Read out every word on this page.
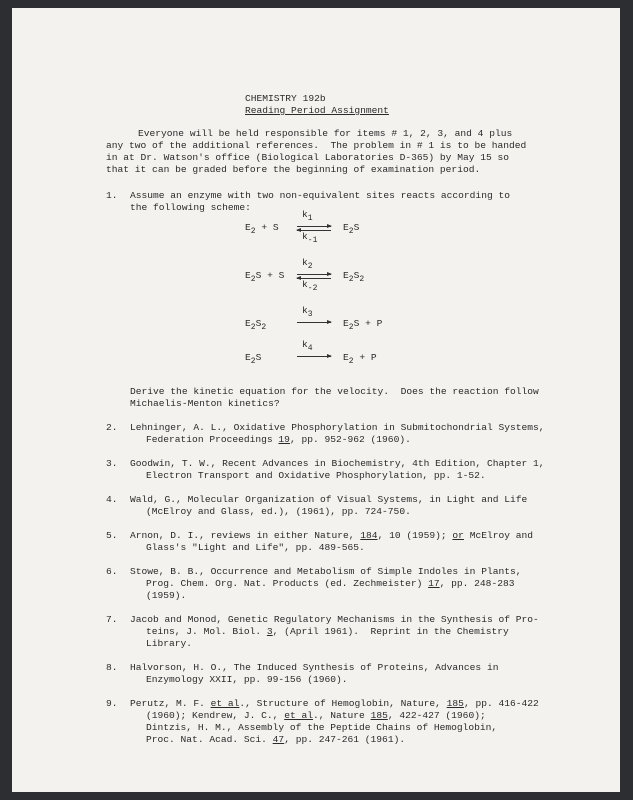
CHEMISTRY 192b
Reading Period Assignment
Everyone will be held responsible for items # 1, 2, 3, and 4 plus
any two of the additional references.  The problem in # 1 is to be handed
in at Dr. Watson's office (Biological Laboratories D-365) by May 15 so
that it can be graded before the beginning of examination period.
1. Assume an enzyme with two non-equivalent sites reacts according to
the following scheme:
$E_2 + S$
$k_1$
$k_{-1}$
$E_2S$
$E_2S + S$
$k_2$
$k_{-2}$
$E_2S_2$
$E_2S_2$
$k_3$
$E_2S + P$
$E_2S$
$k_4$
$E_2 + P$
Derive the kinetic equation for the velocity.  Does the reaction follow
Michaelis-Menton kinetics?
2. Lehninger, A. L., Oxidative Phosphorylation in Submitochondrial Systems,
Federation Proceedings 19, pp. 952-962 (1960).
3. Goodwin, T. W., Recent Advances in Biochemistry, 4th Edition, Chapter 1,
Electron Transport and Oxidative Phosphorylation, pp. 1-52.
4. Wald, G., Molecular Organization of Visual Systems, in Light and Life
(McElroy and Glass, ed.), (1961), pp. 724-750.
5. Arnon, D. I., reviews in either Nature, 184, 10 (1959); or McElroy and
Glass's "Light and Life", pp. 489-565.
6. Stowe, B. B., Occurrence and Metabolism of Simple Indoles in Plants,
Prog. Chem. Org. Nat. Products (ed. Zechmeister) 17, pp. 248-283
(1959).
7. Jacob and Monod, Genetic Regulatory Mechanisms in the Synthesis of Pro-
teins, J. Mol. Biol. 3, (April 1961).  Reprint in the Chemistry
Library.
8. Halvorson, H. O., The Induced Synthesis of Proteins, Advances in
Enzymology XXII, pp. 99-156 (1960).
9. Perutz, M. F. et al., Structure of Hemoglobin, Nature, 185, pp. 416-422
(1960); Kendrew, J. C., et al., Nature 185, 422-427 (1960);
Dintzis, H. M., Assembly of the Peptide Chains of Hemoglobin,
Proc. Nat. Acad. Sci. 47, pp. 247-261 (1961).
